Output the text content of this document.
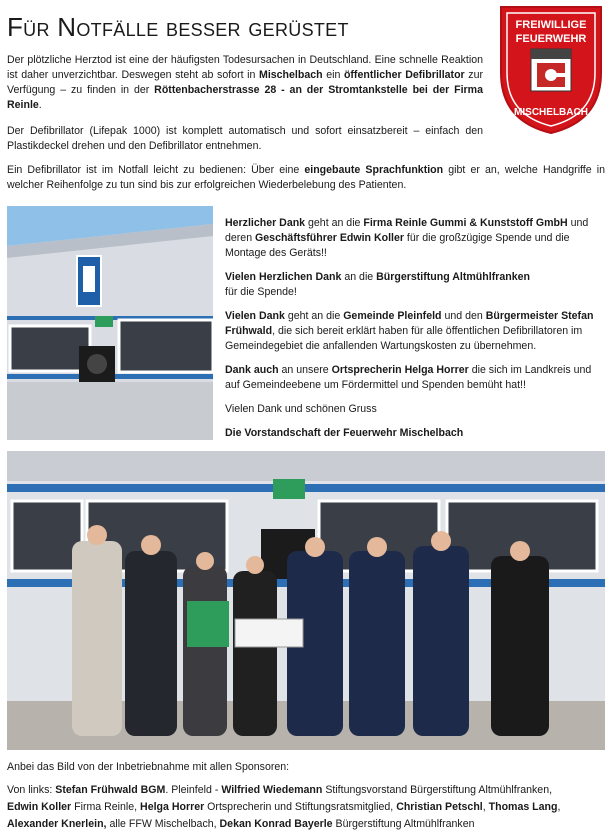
Für Notfälle besser gerüstet	FREIWILLIGE
FEUERWEHR
MISCHELBACH

Der plötzliche Herztod ist eine der häufigsten Todesursachen in Deutschland. Eine schnelle Reaktion ist daher unverzichtbar. Deswegen steht ab sofort in Mischelbach ein öffentlicher Defibrillator zur Verfügung – zu finden in der Röttenbacherstrasse 28 - an der Stromtankstelle bei der Firma Reinle.

Der Defibrillator (Lifepak 1000) ist komplett automatisch und sofort einsatzbereit – einfach den Plastikdeckel drehen und den Defibrillator entnehmen.

Ein Defibrillator ist im Notfall leicht zu bedienen: Über eine eingebaute Sprachfunktion gibt er an, welche Handgriffe in welcher Reihenfolge zu tun sind bis zur erfolgreichen Wiederbelebung des Patienten.

Herzlicher Dank geht an die Firma Reinle Gummi & Kunststoff GmbH und deren Geschäftsführer Edwin Koller für die großzügige Spende und die Montage des Geräts!!

Vielen Herzlichen Dank an die Bürgerstiftung Altmühlfranken
für die Spende!

Vielen Dank geht an die Gemeinde Pleinfeld und den Bürgermeister Stefan Frühwald, die sich bereit erklärt haben für alle öffentlichen Defibrillatoren im Gemeindegebiet die anfallenden Wartungskosten zu übernehmen.

Dank auch an unsere Ortsprecherin Helga Horrer die sich im Landkreis und auf Gemeindeebene um Fördermittel und Spenden bemüht hat!!

Vielen Dank und schönen Gruss

Die Vorstandschaft der Feuerwehr Mischelbach

Anbei das Bild von der Inbetriebnahme mit allen Sponsoren:

Von links: Stefan Frühwald BGM. Pleinfeld - Wilfried Wiedemann Stiftungsvorstand Bürgerstiftung Altmühlfranken,
Edwin Koller Firma Reinle, Helga Horrer Ortsprecherin und Stiftungsratsmitglied, Christian Petschl, Thomas Lang,
Alexander Knerlein, alle FFW Mischelbach, Dekan Konrad Bayerle Bürgerstiftung Altmühlfranken
